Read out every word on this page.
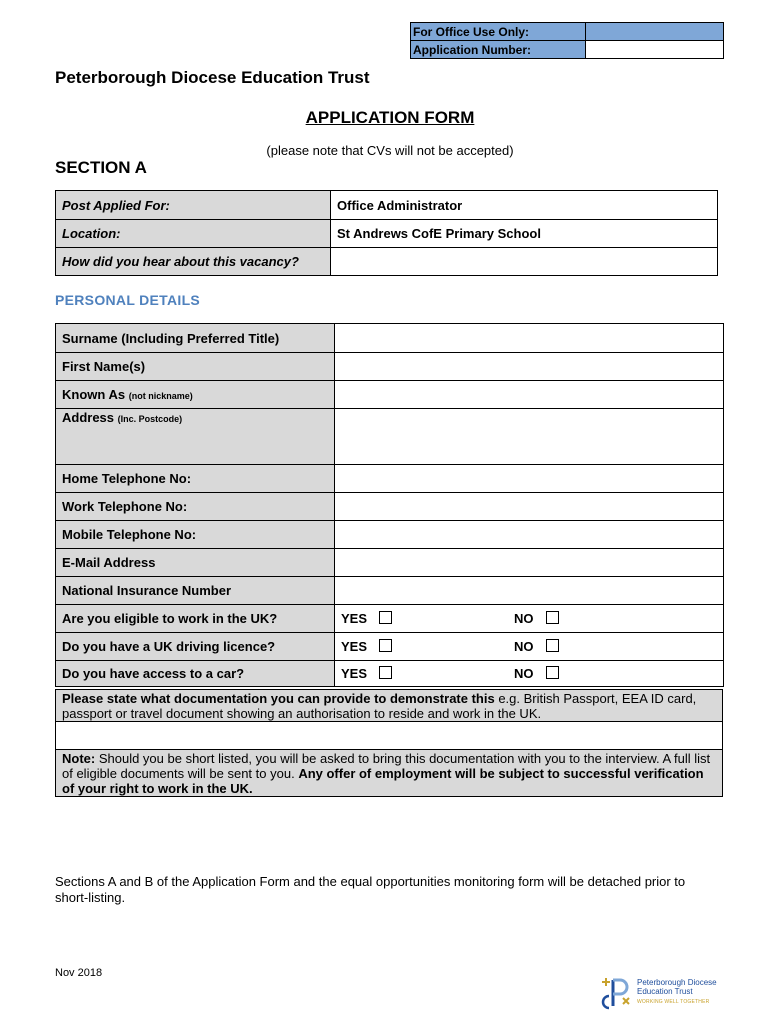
For Office Use Only:	
Application Number:	
Peterborough Diocese Education Trust
APPLICATION FORM
(please note that CVs will not be accepted)
SECTION A
Post Applied For:	Office Administrator
Location:	St Andrews CofE Primary School
How did you hear about this vacancy?	
PERSONAL DETAILS
Surname (Including Preferred Title)	
First Name(s)	
Known As (not nickname)	
Address (Inc. Postcode)	
Home Telephone No:	
Work Telephone No:	
Mobile Telephone No:	
E-Mail Address	
National Insurance Number	
Are you eligible to work in the UK?	YES NO

Do you have a UK driving licence?	YES NO

Do you have access to a car?	YES NO
Please state what documentation you can provide to demonstrate this e.g. British Passport, EEA ID card, passport or travel document showing an authorisation to reside and work in the UK.
Note: Should you be short listed, you will be asked to bring this documentation with you to the interview. A full list of eligible documents will be sent to you. Any offer of employment will be subject to successful verification of your right to work in the UK.
Sections A and B of the Application Form and the equal opportunities monitoring form will be detached prior to short-listing.
Nov 2018
Peterborough Diocese
Education Trust
WORKING WELL TOGETHER
